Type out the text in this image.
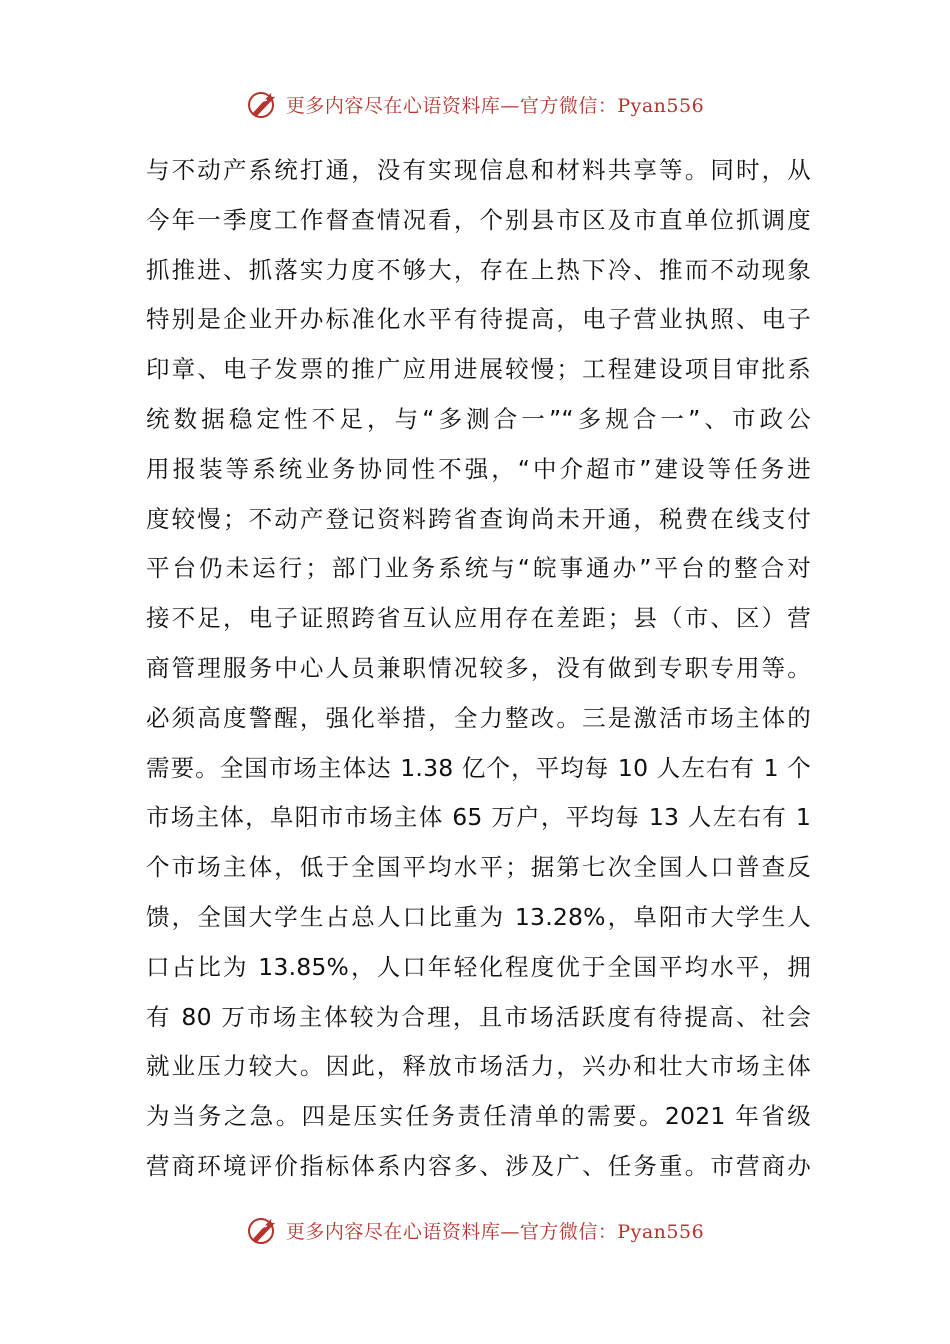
更多内容尽在心语资料库—官方微信：Pyan556
与不动产系统打通，没有实现信息和材料共享等。同时，从
今年一季度工作督查情况看，个别县市区及市直单位抓调度
抓推进、抓落实力度不够大，存在上热下冷、推而不动现象
特别是企业开办标准化水平有待提高，电子营业执照、电子
印章、电子发票的推广应用进展较慢；工程建设项目审批系
统数据稳定性不足，与“多测合一”“多规合一”、市政公
用报装等系统业务协同性不强，“中介超市”建设等任务进
度较慢；不动产登记资料跨省查询尚未开通，税费在线支付
平台仍未运行；部门业务系统与“皖事通办”平台的整合对
接不足，电子证照跨省互认应用存在差距；县（市、区）营
商管理服务中心人员兼职情况较多，没有做到专职专用等。
必须高度警醒，强化举措，全力整改。三是激活市场主体的
需要。全国市场主体达 1.38 亿个，平均每 10 人左右有 1 个
市场主体，阜阳市市场主体 65 万户，平均每 13 人左右有 1
个市场主体，低于全国平均水平；据第七次全国人口普查反
馈，全国大学生占总人口比重为 13.28%，阜阳市大学生人
口占比为 13.85%，人口年轻化程度优于全国平均水平，拥
有 80 万市场主体较为合理，且市场活跃度有待提高、社会
就业压力较大。因此，释放市场活力，兴办和壮大市场主体
为当务之急。四是压实任务责任清单的需要。2021 年省级
营商环境评价指标体系内容多、涉及广、任务重。市营商办
更多内容尽在心语资料库—官方微信：Pyan556
